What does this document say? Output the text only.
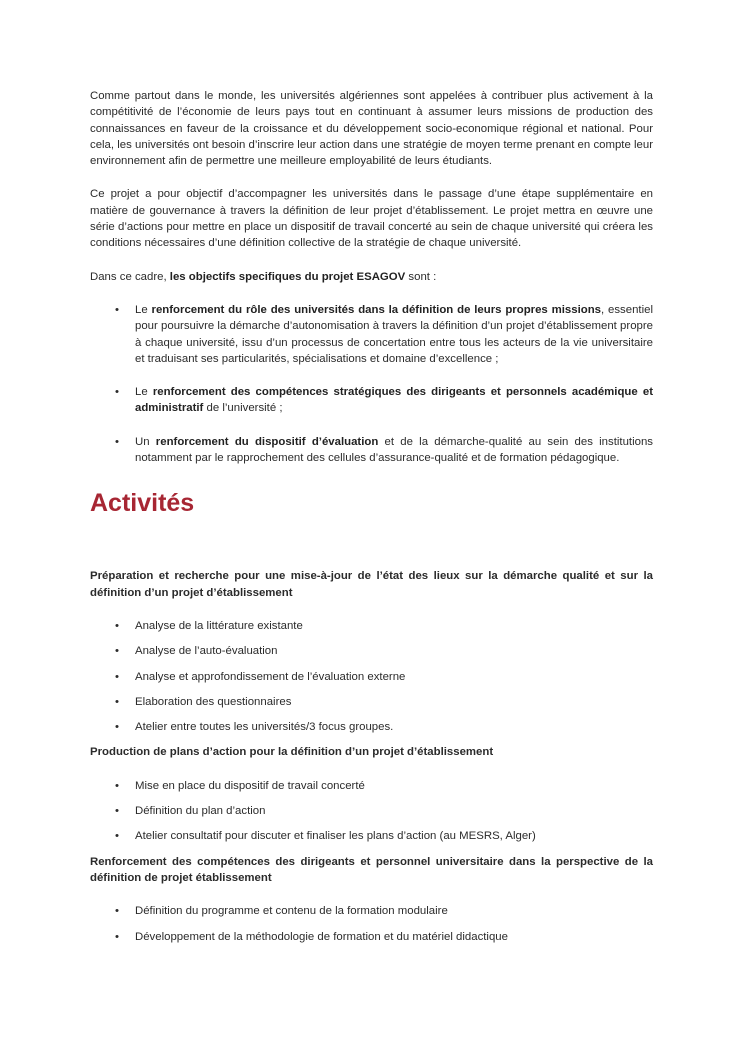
Comme partout dans le monde, les universités algériennes sont appelées à contribuer plus activement à la compétitivité de l’économie de leurs pays tout en continuant à assumer leurs missions de production des connaissances en faveur de la croissance et du développement socio-economique régional et national. Pour cela, les universités ont besoin d’inscrire leur action dans une stratégie de moyen terme prenant en compte leur environnement afin de permettre une meilleure employabilité de leurs étudiants.

Ce projet a pour objectif d’accompagner les universités dans le passage d’une étape supplémentaire en matière de gouvernance à travers la définition de leur projet d’établissement. Le projet mettra en œuvre une série d’actions pour mettre en place un dispositif de travail concerté au sein de chaque université qui créera les conditions nécessaires d’une définition collective de la stratégie de chaque université.

Dans ce cadre, les objectifs specifiques du projet ESAGOV sont :

• Le renforcement du rôle des universités dans la définition de leurs propres missions, essentiel pour poursuivre la démarche d’autonomisation à travers la définition d’un projet d’établissement propre à chaque université, issu d’un processus de concertation entre tous les acteurs de la vie universitaire et traduisant ses particularités, spécialisations et domaine d’excellence ;
• Le renforcement des compétences stratégiques des dirigeants et personnels académique et administratif de l’université ;
• Un renforcement du dispositif d’évaluation et de la démarche-qualité au sein des institutions notamment par le rapprochement des cellules d’assurance-qualité et de formation pédagogique.
Activités

Préparation et recherche pour une mise-à-jour de l’état des lieux sur la démarche qualité et sur la définition d’un projet d’établissement

• Analyse de la littérature existante
• Analyse de l’auto-évaluation
• Analyse et approfondissement de l’évaluation externe
• Elaboration des questionnaires
• Atelier entre toutes les universités/3 focus groupes.

Production de plans d’action pour la définition d’un projet d’établissement

• Mise en place du dispositif de travail concerté
• Définition du plan d’action
• Atelier consultatif pour discuter et finaliser les plans d’action (au MESRS, Alger)

Renforcement des compétences des dirigeants et personnel universitaire dans la perspective de la définition de projet établissement

• Définition du programme et contenu de la formation modulaire
• Développement de la méthodologie de formation et du matériel didactique
